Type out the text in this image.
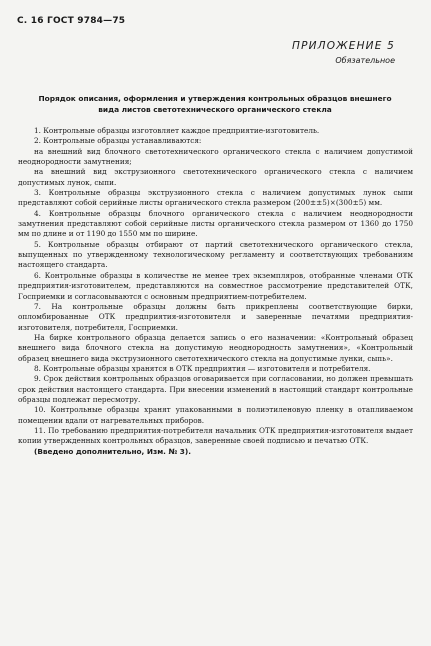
С. 16 ГОСТ 9784—75
ПРИЛОЖЕНИЕ 5
Обязательное
Порядок описания, оформления и утверждения контрольных образцов внешнего
вида листов светотехнического органического стекла

1. Контрольные образцы изготовляет каждое предприятие-изготовитель.

2. Контрольные образцы устанавливаются:

на внешний вид блочного светотехнического органического стекла с наличием допустимой неоднородности замутнения;

на внешний вид экструзионного светотехнического органического стекла с наличием допустимых лунок, сыпи.

3. Контрольные образцы экструзионного стекла с наличием допустимых лунок сыпи представляют собой серийные листы органического стекла размером (200±±5)×(300±5) мм.

4. Контрольные образцы блочного органического стекла с наличием неоднородности замутнения представляют собой серийные листы органического стекла размером от 1360 до 1750 мм по длине и от 1190 до 1550 мм по ширине.

5. Контрольные образцы отбирают от партий светотехнического органического стекла, выпущенных по утвержденному технологическому регламенту и соответствующих требованиям настоящего стандарта.

6. Контрольные образцы в количестве не менее трех экземпляров, отобранные членами ОТК предприятия-изготовителем, представляются на совместное рассмотрение представителей ОТК, Госприемки и согласовываются с основным предприятием-потребителем.

7. На контрольные образцы должны быть прикреплены соответствующие бирки, опломбированные ОТК предприятия-изготовителя и заверенные печатями предприятия-изготовителя, потребителя, Госприемки.

На бирке контрольного образца делается запись о его назначении: «Контрольный образец внешнего вида блочного стекла на допустимую неоднородность замутнения», «Контрольный образец внешнего вида экструзионного светотехнического стекла на допустимые лунки, сыпь».

8. Контрольные образцы хранятся в ОТК предприятия — изготовителя и потребителя.

9. Срок действия контрольных образцов оговаривается при согласовании, но должен превышать срок действия настоящего стандарта. При внесении изменений в настоящий стандарт контрольные образцы подлежат пересмотру.

10. Контрольные образцы хранят упакованными в полиэтиленовую пленку в отапливаемом помещении вдали от нагревательных приборов.

11. По требованию предприятия-потребителя начальник ОТК предприятия-изготовителя выдает копии утвержденных контрольных образцов, заверенные своей подписью и печатью ОТК.

(Введено дополнительно, Изм. № 3).
